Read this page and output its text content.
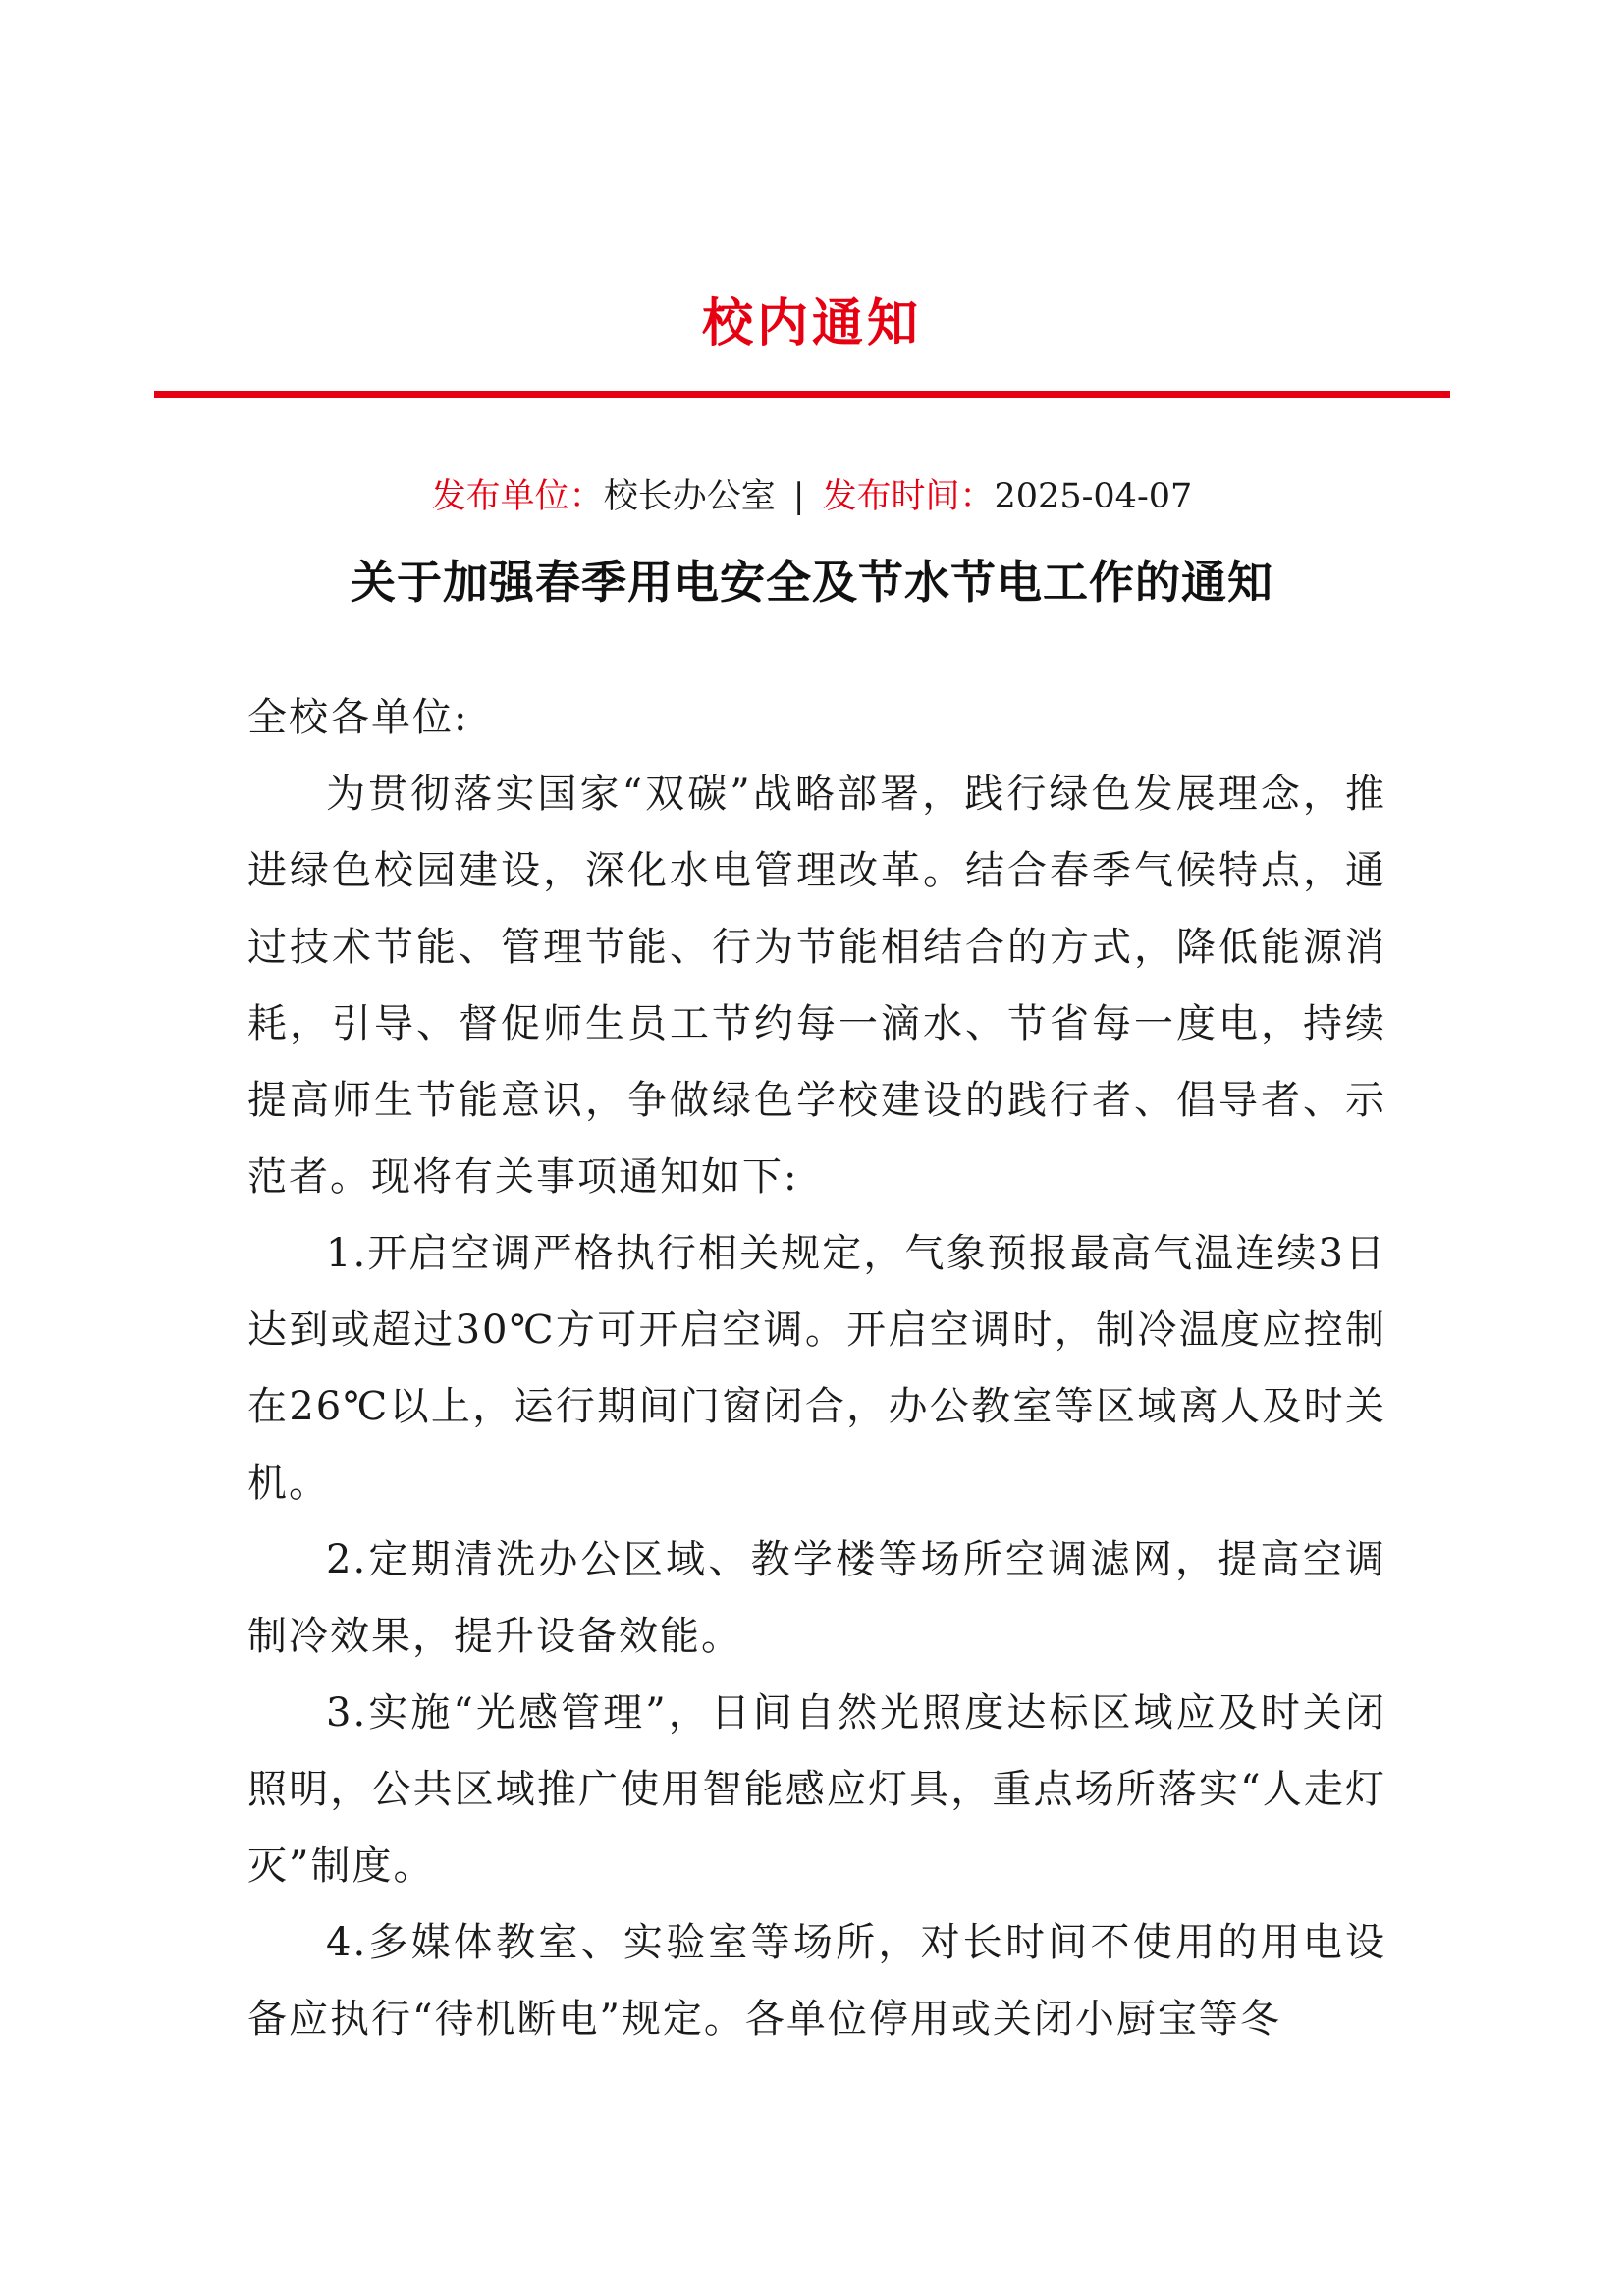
校内通知
发布单位：校长办公室 | 发布时间：2025-04-07
关于加强春季用电安全及节水节电工作的通知

全校各单位:

为贯彻落实国家“双碳”战略部署，践行绿色发展理念，推进绿色校园建设，深化水电管理改革。结合春季气候特点，通过技术节能、管理节能、行为节能相结合的方式，降低能源消耗，引导、督促师生员工节约每一滴水、节省每一度电，持续提高师生节能意识，争做绿色学校建设的践行者、倡导者、示范者。现将有关事项通知如下:

1.开启空调严格执行相关规定，气象预报最高气温连续3日达到或超过30℃方可开启空调。开启空调时，制冷温度应控制在26℃以上，运行期间门窗闭合，办公教室等区域离人及时关机。

2.定期清洗办公区域、教学楼等场所空调滤网，提高空调制冷效果，提升设备效能。

3.实施“光感管理”，日间自然光照度达标区域应及时关闭照明，公共区域推广使用智能感应灯具，重点场所落实“人走灯灭”制度。

4.多媒体教室、实验室等场所，对长时间不使用的用电设备应执行“待机断电”规定。各单位停用或关闭小厨宝等冬
